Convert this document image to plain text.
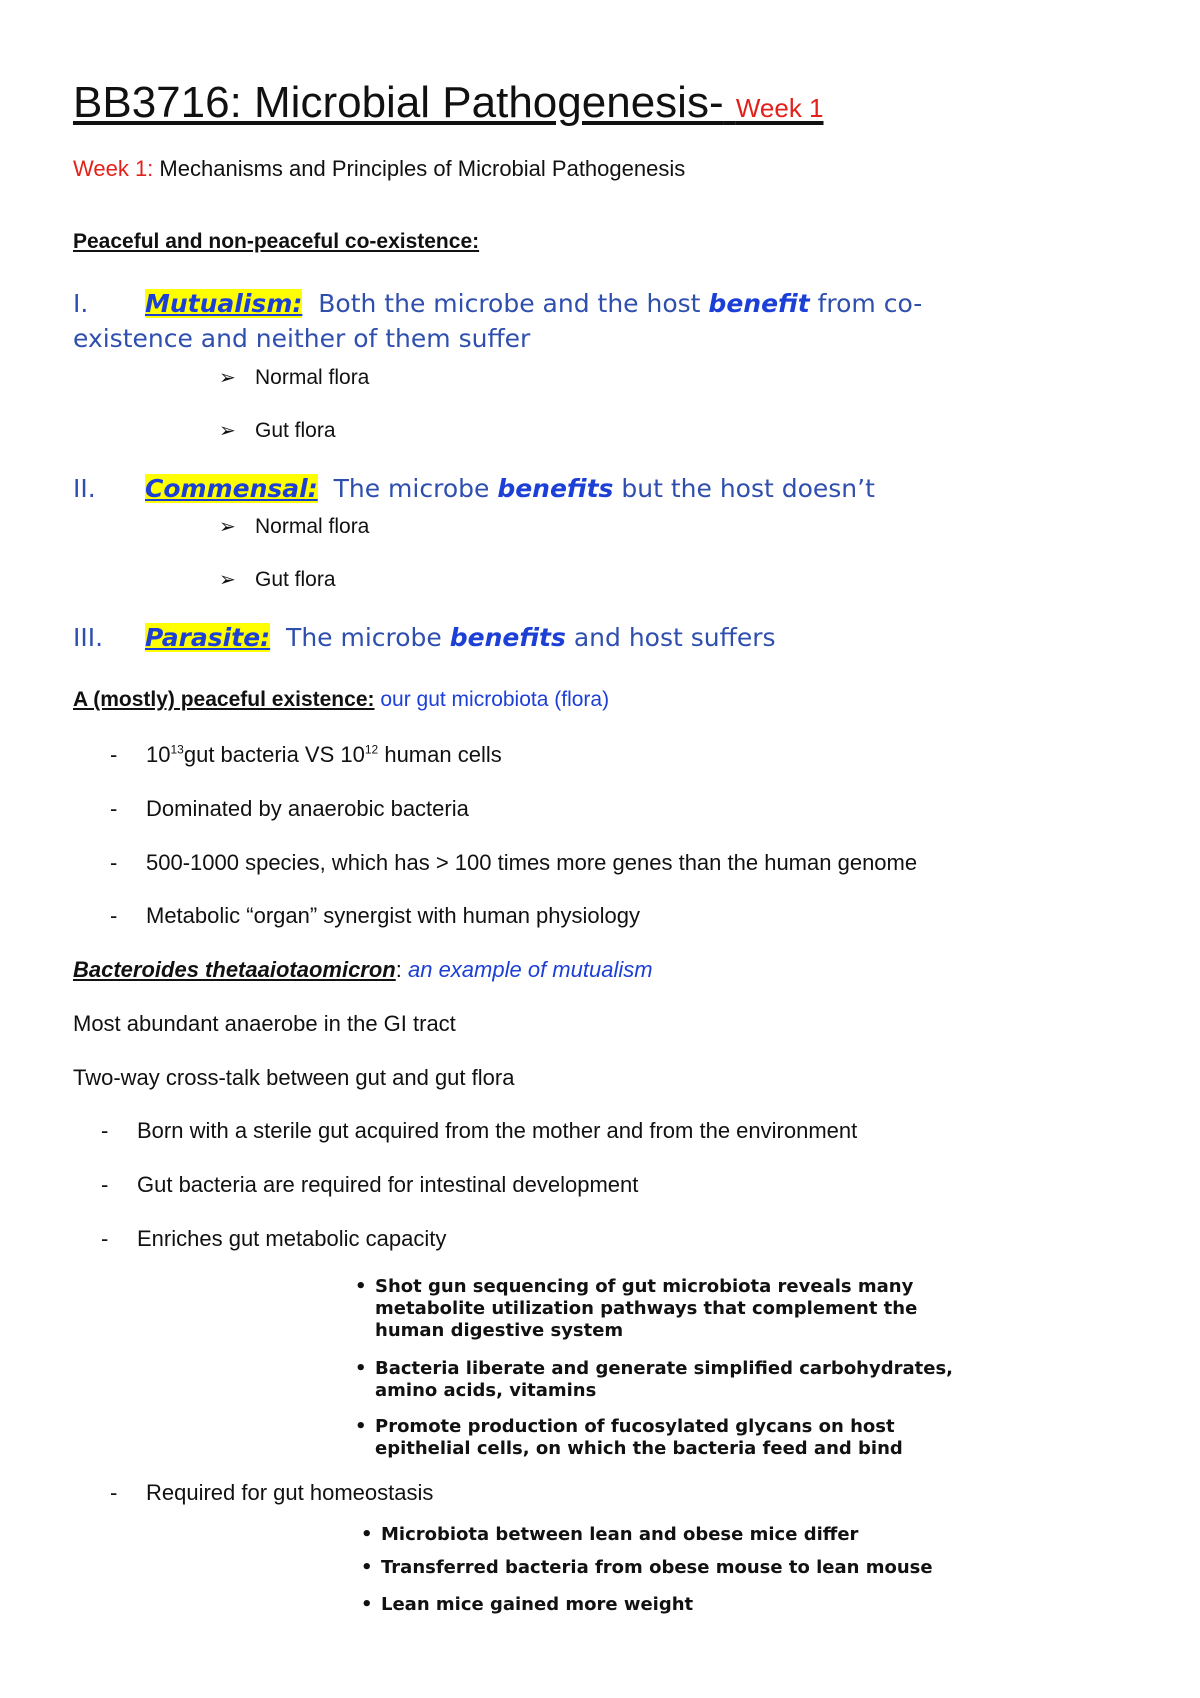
BB3716: Microbial Pathogenesis- Week 1
Week 1: Mechanisms and Principles of Microbial Pathogenesis
Peaceful and non-peaceful co-existence:
I. Mutualism:  Both the microbe and the host benefit from co-
existence and neither of them suffer
➢ Normal flora
➢ Gut flora
II. Commensal:  The microbe benefits but the host doesn’t
➢ Normal flora
➢ Gut flora
III. Parasite:  The microbe benefits and host suffers
A (mostly) peaceful existence: our gut microbiota (flora)
- $10^{13}gut$ bacteria VS $10^{12}$ human cells
- Dominated by anaerobic bacteria
- 500-1000 species, which has > 100 times more genes than the human genome
- Metabolic “organ” synergist with human physiology
Bacteroides thetaaiotaomicron: an example of mutualism
Most abundant anaerobe in the GI tract
Two-way cross-talk between gut and gut flora
- Born with a sterile gut acquired from the mother and from the environment
- Gut bacteria are required for intestinal development
- Enriches gut metabolic capacity
• Shot gun sequencing of gut microbiota reveals many metabolite utilization pathways that complement the human digestive system
• Bacteria liberate and generate simplified carbohydrates, amino acids, vitamins
• Promote production of fucosylated glycans on host epithelial cells, on which the bacteria feed and bind
- Required for gut homeostasis
• Microbiota between lean and obese mice differ
• Transferred bacteria from obese mouse to lean mouse
• Lean mice gained more weight
